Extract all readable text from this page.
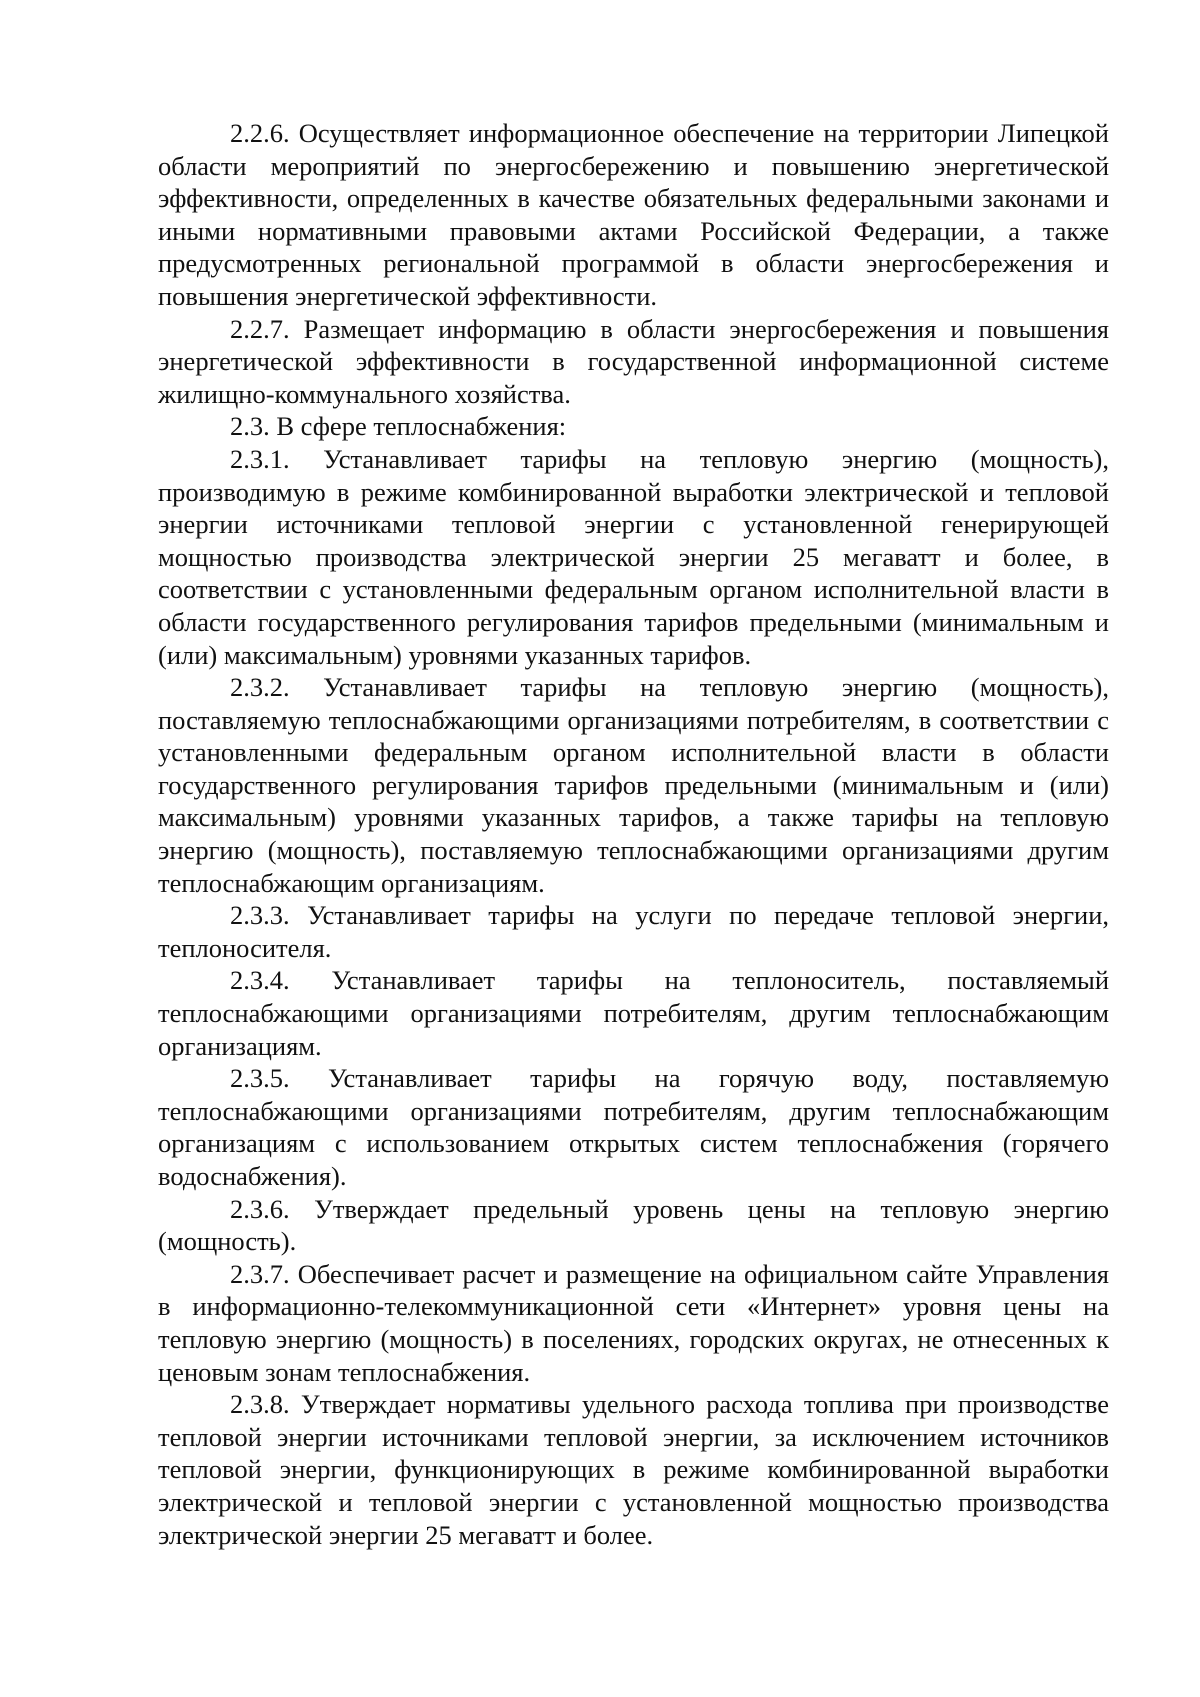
2.2.6. Осуществляет информационное обеспечение на территории Липецкой области мероприятий по энергосбережению и повышению энергетической эффективности, определенных в качестве обязательных федеральными законами и иными нормативными правовыми актами Российской Федерации, а также предусмотренных региональной программой в области энергосбережения и повышения энергетической эффективности.

2.2.7. Размещает информацию в области энергосбережения и повышения энергетической эффективности в государственной информационной системе жилищно-коммунального хозяйства.

2.3. В сфере теплоснабжения:

2.3.1. Устанавливает тарифы на тепловую энергию (мощность), производимую в режиме комбинированной выработки электрической и тепловой энергии источниками тепловой энергии с установленной генерирующей мощностью производства электрической энергии 25 мегаватт и более, в соответствии с установленными федеральным органом исполнительной власти в области государственного регулирования тарифов предельными (минимальным и (или) максимальным) уровнями указанных тарифов.

2.3.2. Устанавливает тарифы на тепловую энергию (мощность), поставляемую теплоснабжающими организациями потребителям, в соответствии с установленными федеральным органом исполнительной власти в области государственного регулирования тарифов предельными (минимальным и (или) максимальным) уровнями указанных тарифов, а также тарифы на тепловую энергию (мощность), поставляемую теплоснабжающими организациями другим теплоснабжающим организациям.

2.3.3. Устанавливает тарифы на услуги по передаче тепловой энергии, теплоносителя.

2.3.4. Устанавливает тарифы на теплоноситель, поставляемый теплоснабжающими организациями потребителям, другим теплоснабжающим организациям.

2.3.5. Устанавливает тарифы на горячую воду, поставляемую теплоснабжающими организациями потребителям, другим теплоснабжающим организациям с использованием открытых систем теплоснабжения (горячего водоснабжения).

2.3.6. Утверждает предельный уровень цены на тепловую энергию (мощность).

2.3.7. Обеспечивает расчет и размещение на официальном сайте Управления в информационно-телекоммуникационной сети «Интернет» уровня цены на тепловую энергию (мощность) в поселениях, городских округах, не отнесенных к ценовым зонам теплоснабжения.

2.3.8. Утверждает нормативы удельного расхода топлива при производстве тепловой энергии источниками тепловой энергии, за исключением источников тепловой энергии, функционирующих в режиме комбинированной выработки электрической и тепловой энергии с установленной мощностью производства электрической энергии 25 мегаватт и более.
